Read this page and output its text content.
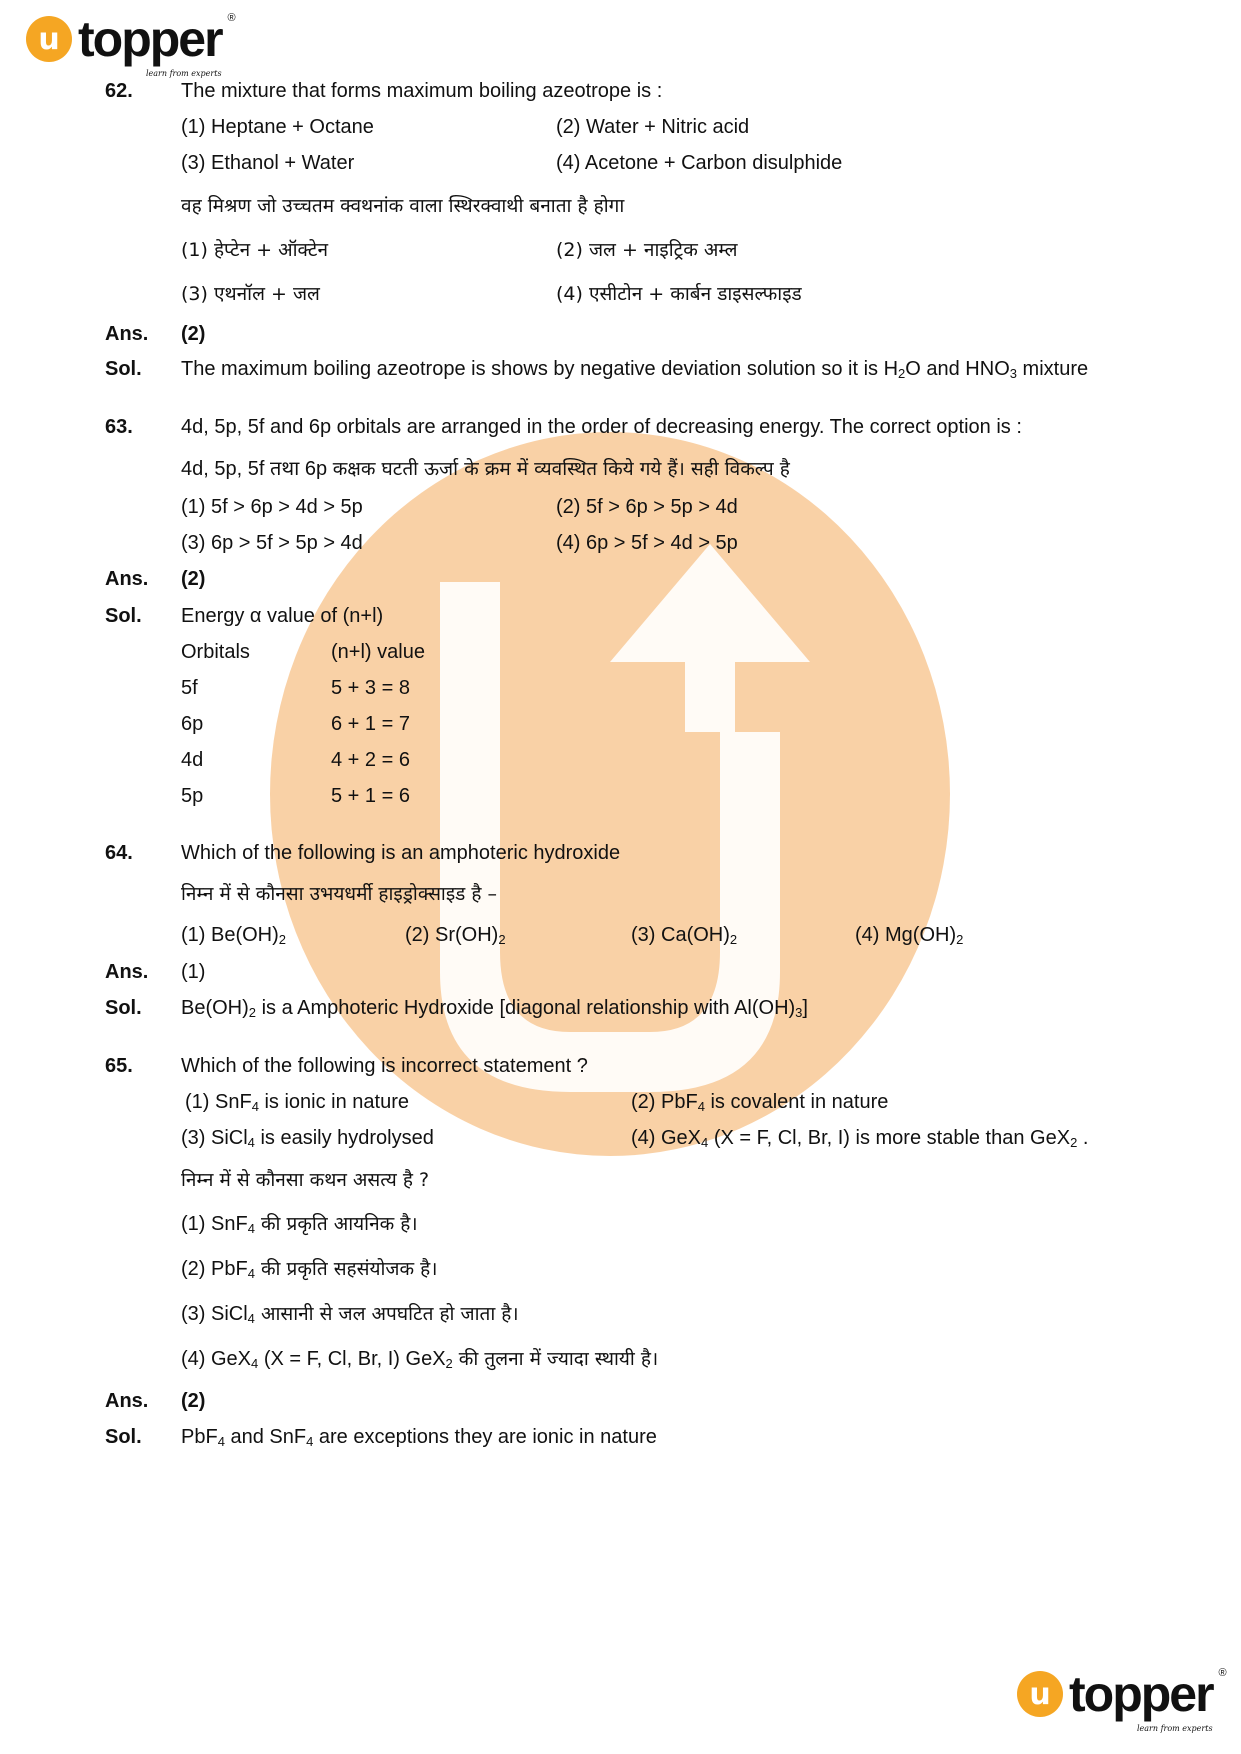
u topper ®
learn from experts
u topper ®
learn from experts
62. The mixture that forms maximum boiling azeotrope is :
(1) Heptane + Octane	(2) Water + Nitric acid
(3) Ethanol + Water	(4) Acetone + Carbon disulphide
वह मिश्रण जो उच्चतम क्वथनांक वाला स्थिरक्वाथी बनाता है होगा
(1) हेप्टेन + ऑक्टेन	(2) जल + नाइट्रिक अम्ल
(3) एथनॉल + जल	(4) एसीटोन + कार्बन डाइसल्फाइड
Ans. (2)
Sol. The maximum boiling azeotrope is shows by negative deviation solution so it is $H_2O$ and $HNO_3$ mixture
63. 4d, 5p, 5f and 6p orbitals are arranged in the order of decreasing energy. The correct option is :
4d, 5p, 5f तथा 6p कक्षक घटती ऊर्जा के क्रम में व्यवस्थित किये गये हैं। सही विकल्प है
(1) 5f > 6p > 4d > 5p	(2) 5f > 6p > 5p > 4d
(3) 6p > 5f > 5p > 4d	(4) 6p > 5f > 4d > 5p
Ans. (2)
Sol. Energy α value of (n+l)
Orbitals	(n+l) value
5f	5 + 3 = 8
6p	6 + 1 = 7
4d	4 + 2 = 6
5p	5 + 1 = 6
64. Which of the following is an amphoteric hydroxide
निम्न में से कौनसा उभयधर्मी हाइड्रोक्साइड है –
(1) $Be(OH)_2$	(2) $Sr(OH)_2$	(3) $Ca(OH)_2$	(4) $Mg(OH)_2$
Ans. (1)
Sol. $Be(OH)_2$ is a Amphoteric Hydroxide [diagonal relationship with $Al(OH)_3$]
65. Which of the following is incorrect statement ?
(1) SnF$_4$ is ionic in nature	(2) PbF$_4$ is covalent in nature
(3) SiCl$_4$ is easily hydrolysed	(4) GeX$_4$ (X = F, Cl, Br, I) is more stable than GeX$_2$ .
निम्न में से कौनसा कथन असत्य है ?
(1) SnF$_4$ की प्रकृति आयनिक है।
(2) PbF$_4$ की प्रकृति सहसंयोजक है।
(3) SiCl$_4$ आसानी से जल अपघटित हो जाता है।
(4) GeX$_4$ (X = F, Cl, Br, I) GeX$_2$ की तुलना में ज्यादा स्थायी है।
Ans. (2)
Sol. PbF$_4$ and SnF$_4$ are exceptions they are ionic in nature
